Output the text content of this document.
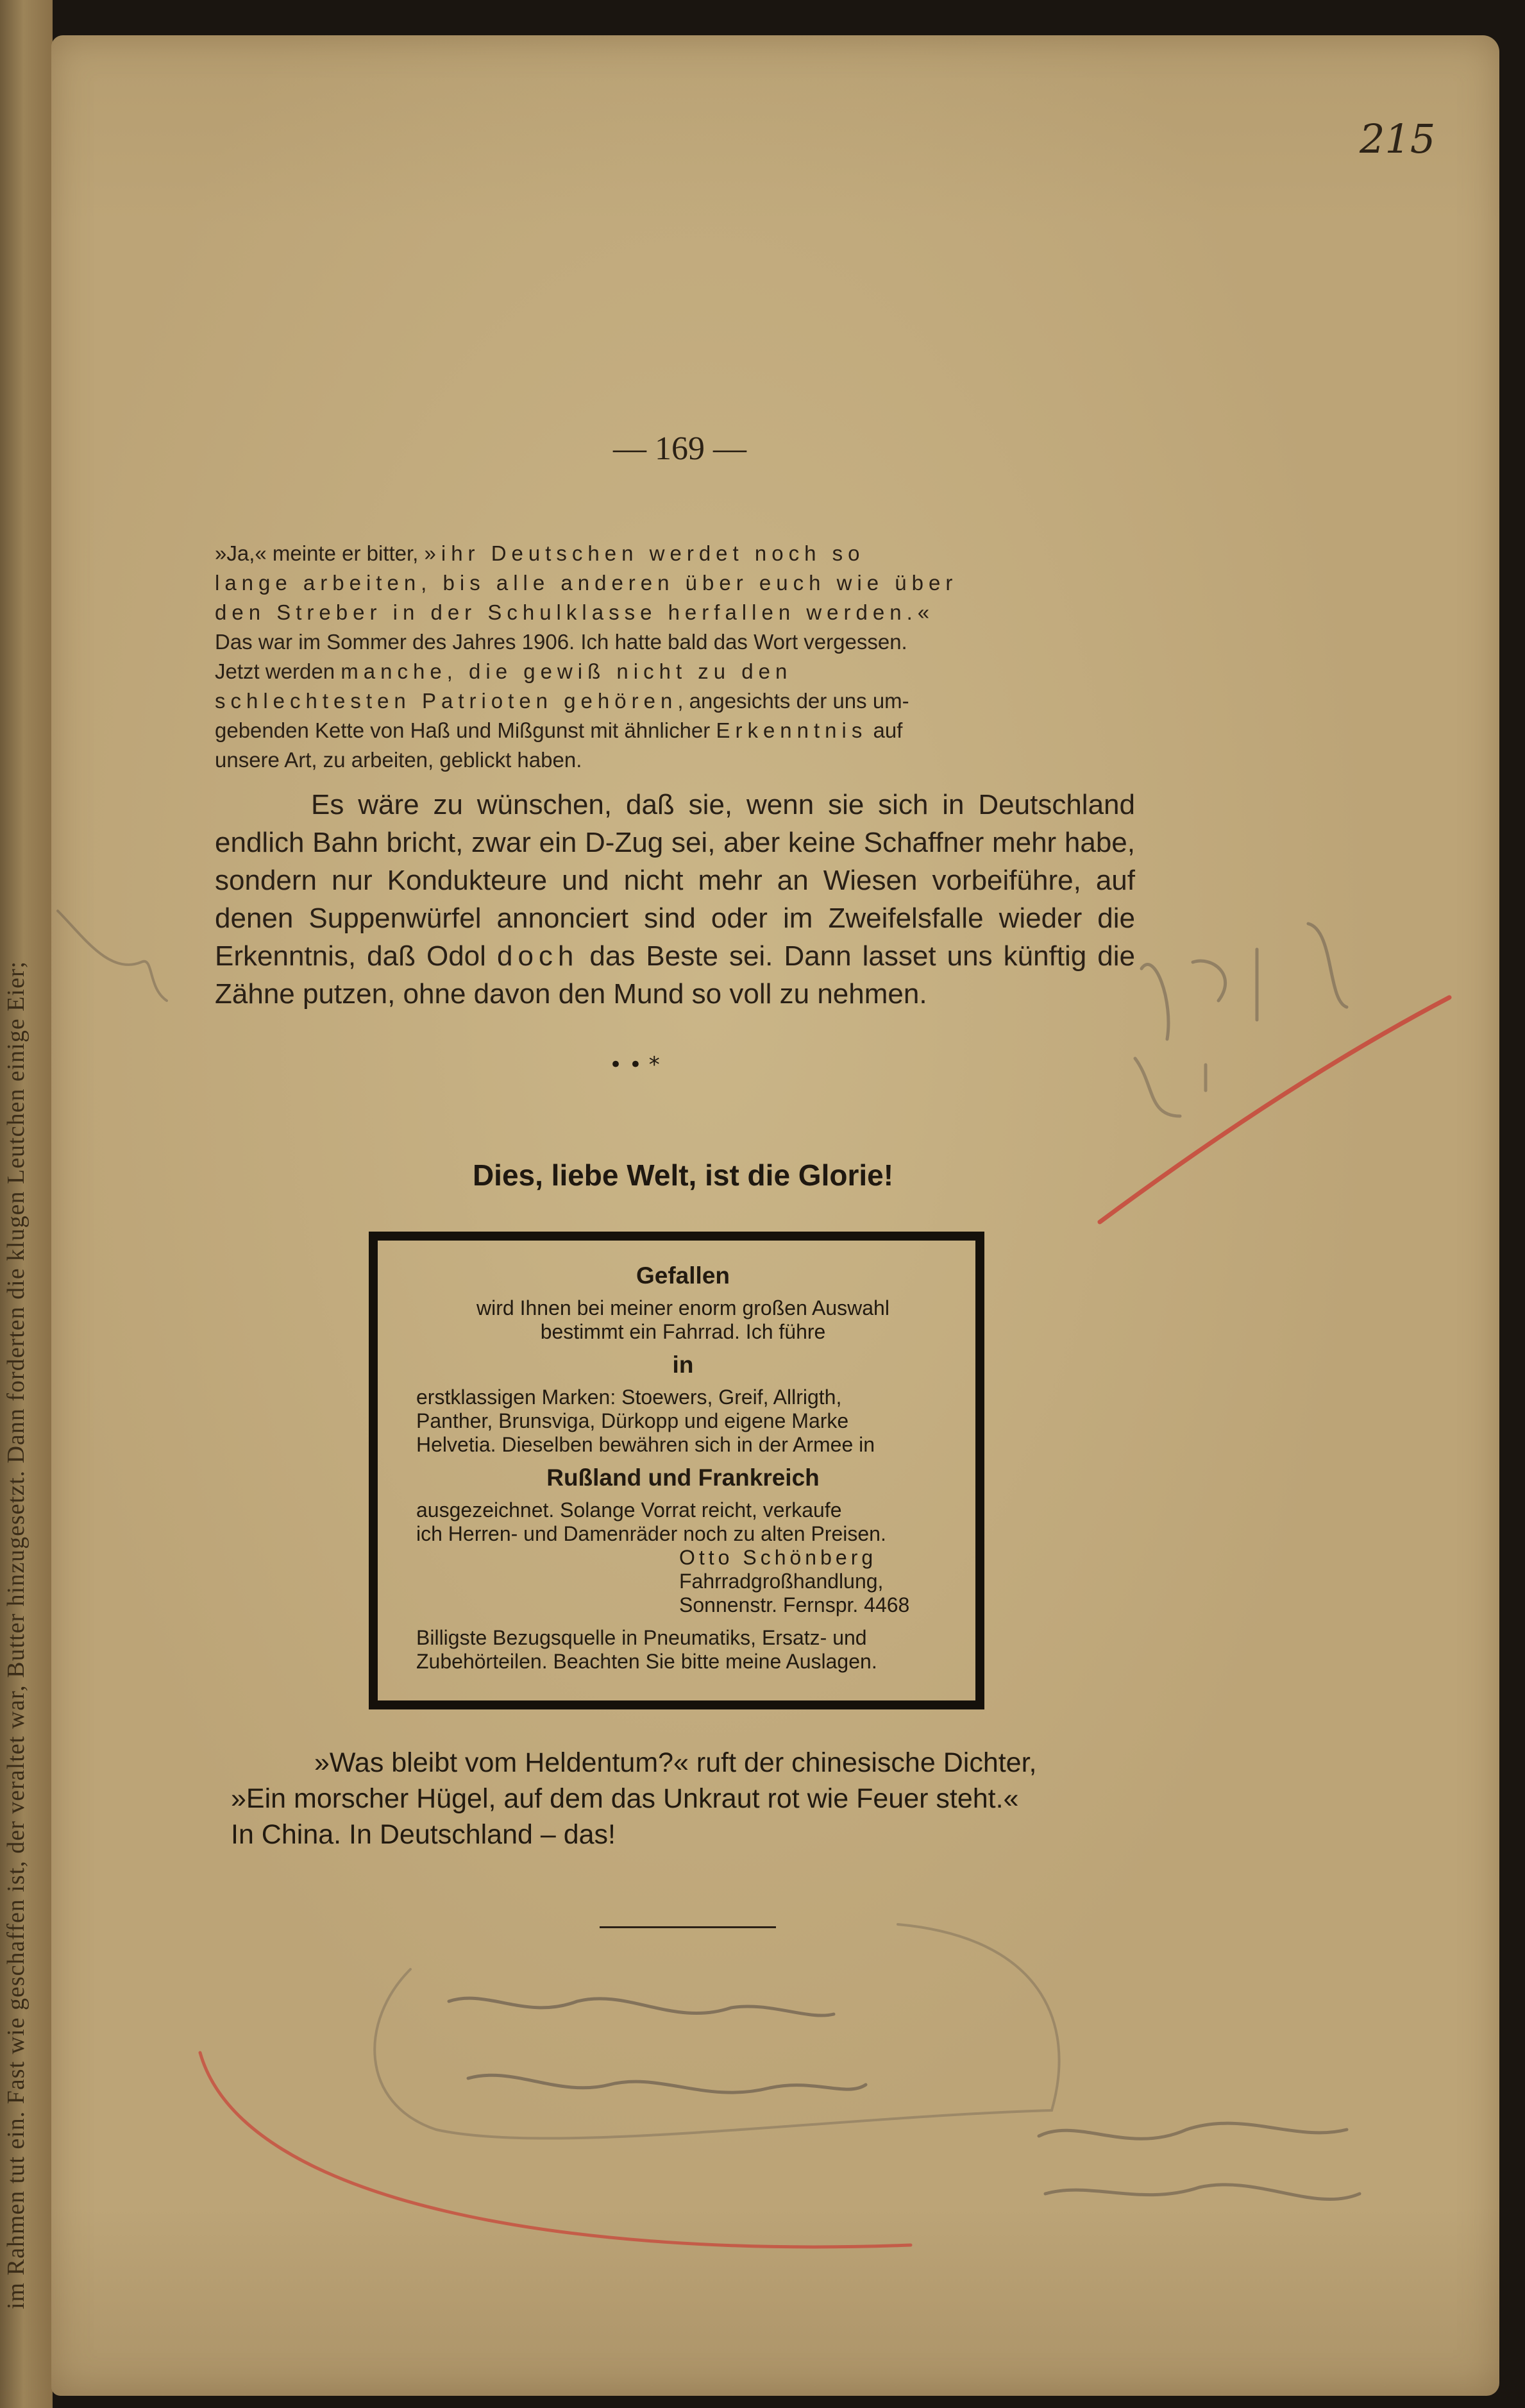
im Rahmen tut ein. Fast wie geschaffen ist, der veraltet war, Butter hinzugesetzt. Dann forderten die klugen Leutchen einige Eier;
215
— 169 —

»Ja,« meinte er bitter, »ihr Deutschen werdet noch so

lange arbeiten, bis alle anderen über euch wie über

den Streber in der Schulklasse herfallen werden.«

Das war im Sommer des Jahres 1906. Ich hatte bald das Wort vergessen.

Jetzt werden manche, die gewiß nicht zu den

schlechtesten Patrioten gehören, angesichts der uns um-

gebenden Kette von Haß und Mißgunst mit ähnlicher Erkenntnis auf

unsere Art, zu arbeiten, geblickt haben.

Es wäre zu wünschen, daß sie, wenn sie sich in Deutschland endlich Bahn bricht, zwar ein D-Zug sei, aber keine Schaffner mehr habe, sondern nur Kondukteure und nicht mehr an Wiesen vorbeiführe, auf denen Suppenwürfel annonciert sind oder im Zweifelsfalle wieder die Erkenntnis, daß Odol doch das Beste sei. Dann lasset uns künftig die Zähne putzen, ohne davon den Mund so voll zu nehmen.

• • *
Dies, liebe Welt, ist die Glorie!
Gefallen
wird Ihnen bei meiner enorm großen Auswahl
bestimmt ein Fahrrad. Ich führe
in
erstklassigen Marken: Stoewers, Greif, Allrigth,
Panther, Brunsviga, Dürkopp und eigene Marke
Helvetia. Dieselben bewähren sich in der Armee in
Rußland und Frankreich
ausgezeichnet. Solange Vorrat reicht, verkaufe
ich Herren- und Damenräder noch zu alten Preisen.
Otto Schönberg
Fahrradgroßhandlung,
Sonnenstr. Fernspr. 4468
Billigste Bezugsquelle in Pneumatiks, Ersatz- und
Zubehörteilen. Beachten Sie bitte meine Auslagen.
»Was bleibt vom Heldentum?« ruft der chinesische Dichter,
»Ein morscher Hügel, auf dem das Unkraut rot wie Feuer steht.«
In China. In Deutschland – das!
